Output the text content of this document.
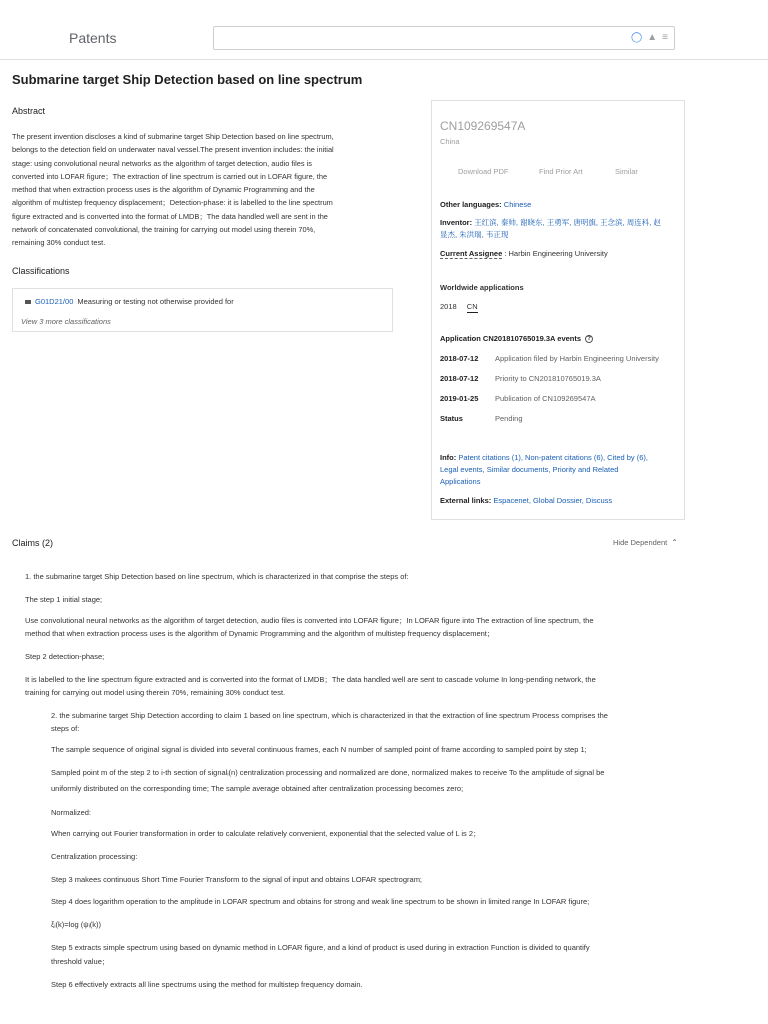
Patents	◯ ▲ ≡
Submarine target Ship Detection based on line spectrum
Abstract
The present invention discloses a kind of submarine target Ship Detection based on line spectrum,
belongs to the detection field on underwater naval vessel.The present invention includes: the initial
stage: using convolutional neural networks as the algorithm of target detection, audio files is
converted into LOFAR figure；The extraction of line spectrum is carried out in LOFAR figure, the
method that when extraction process uses is the algorithm of Dynamic Programming and the
algorithm of multistep frequency displacement；Detection-phase: it is labelled to the line spectrum
figure extracted and is converted into the format of LMDB；The data handled well are sent in the
network of concatenated convolutional, the training for carrying out model using therein 70%,
remaining 30% conduct test.
Classifications
G01D21/00 Measuring or testing not otherwise provided for
View 3 more classifications
CN109269547A
China
Download PDF	Find Prior Art	Similar
Other languages: Chinese
Inventor: 王红滨, 秦帅, 谢晓东, 王勇军, 唐明旗, 王念滨, 周连科, 赵
显杰, 朱洪瑞, 韦正现
Current Assignee : Harbin Engineering University
Worldwide applications
2018 CN
Application CN201810765019.3A events ?
2018-07-12 Application filed by Harbin Engineering University
2018-07-12 Priority to CN201810765019.3A
2019-01-25 Publication of CN109269547A
Status	Pending
Info: Patent citations (1), Non-patent citations (6), Cited by (6),
Legal events, Similar documents, Priority and Related
Applications
External links: Espacenet, Global Dossier, Discuss
Claims (2)	Hide Dependent ⌃
1. the submarine target Ship Detection based on line spectrum, which is characterized in that comprise the steps of:
The step 1 initial stage;
Use convolutional neural networks as the algorithm of target detection, audio files is converted into LOFAR figure；In LOFAR figure into The extraction of line spectrum, the
method that when extraction process uses is the algorithm of Dynamic Programming and the algorithm of multistep frequency displacement；
Step 2 detection-phase;
It is labelled to the line spectrum figure extracted and is converted into the format of LMDB；The data handled well are sent to cascade volume In long-pending network, the
training for carrying out model using therein 70%, remaining 30% conduct test.
2. the submarine target Ship Detection according to claim 1 based on line spectrum, which is characterized in that the extraction of line spectrum Process comprises the
steps of:
The sample sequence of original signal is divided into several continuous frames, each N number of sampled point of frame according to sampled point by step 1;
Sampled point m of the step 2 to i-th section of signalᵢ(n) centralization processing and normalized are done, normalized makes to receive To the amplitude of signal be
uniformly distributed on the corresponding time; The sample average obtained after centralization processing becomes zero;
Normalized:
When carrying out Fourier transformation in order to calculate relatively convenient, exponential that the selected value of L is 2；
Centralization processing:
Step 3 makees continuous Short Time Fourier Transform to the signal of input and obtains LOFAR spectrogram;
Step 4 does logarithm operation to the amplitude in LOFAR spectrum and obtains for strong and weak line spectrum to be shown in limited range In LOFAR figure;
ξᵢ(k)=log (ψᵢ(k))
Step 5 extracts simple spectrum using based on dynamic method in LOFAR figure, and a kind of product is used during in extraction Function is divided to quantify
threshold value；
Step 6 effectively extracts all line spectrums using the method for multistep frequency domain.
